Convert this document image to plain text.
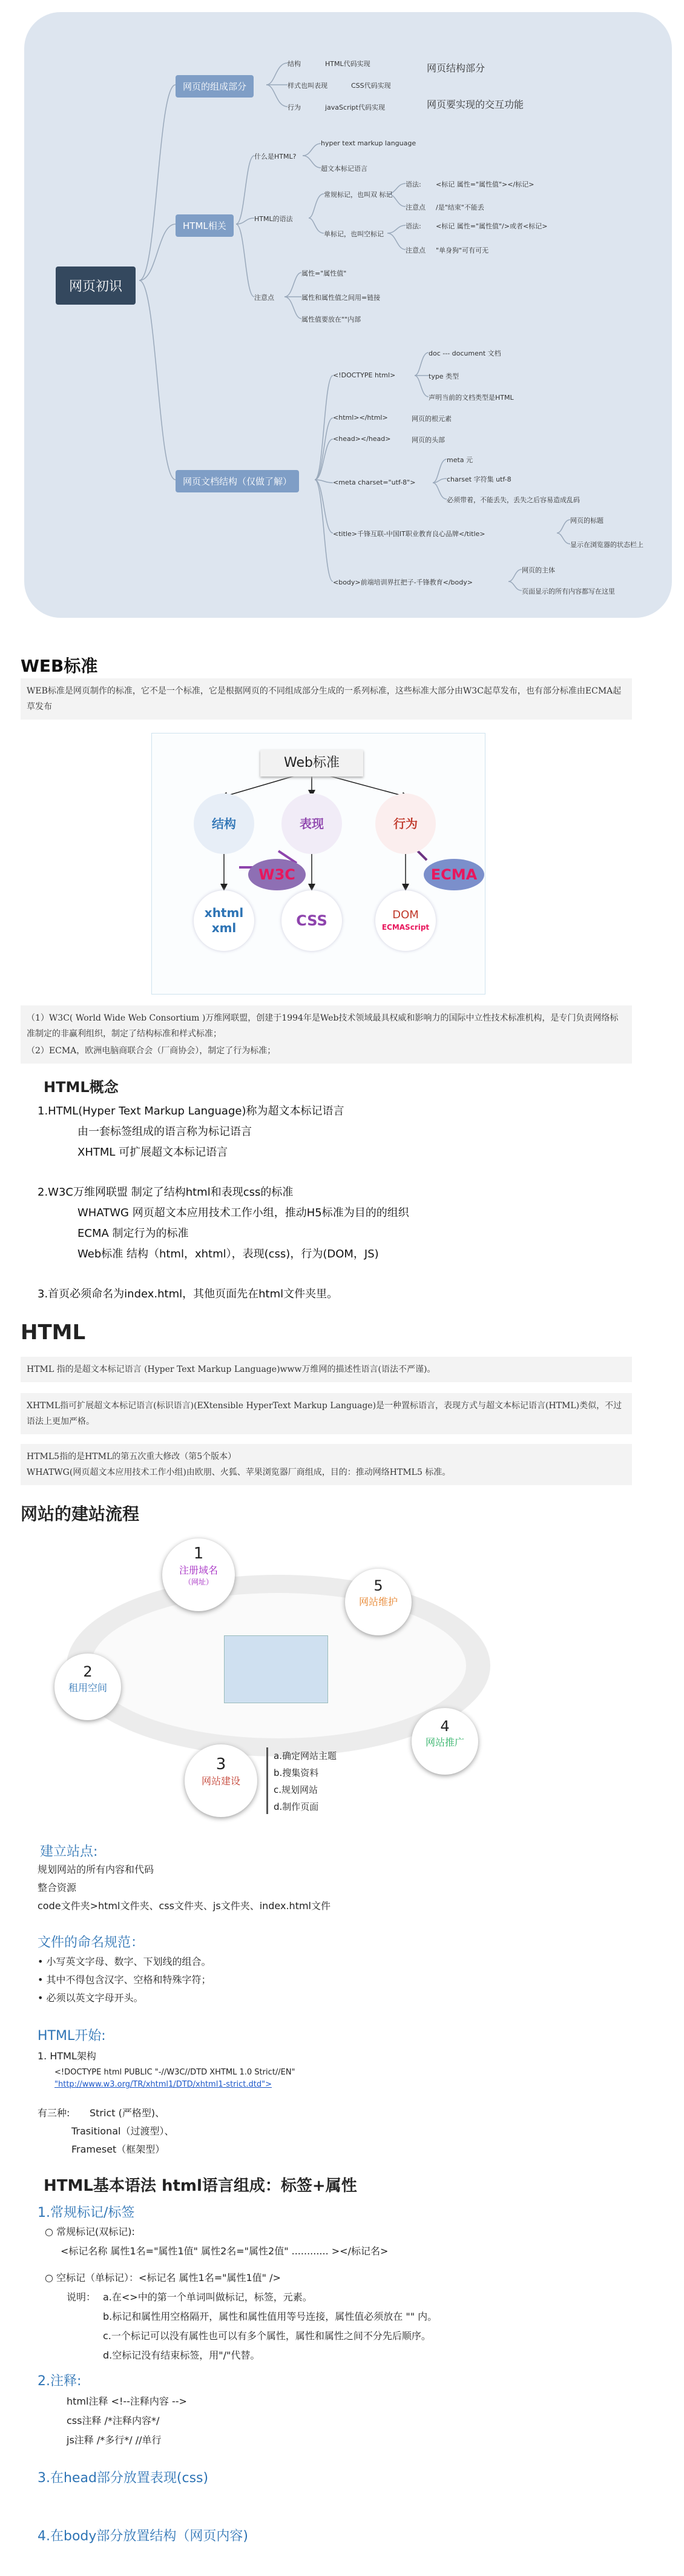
网页初识
网页的组成部分
结构	HTML代码实现
样式也叫表现	CSS代码实现
行为	javaScript代码实现
网页结构部分
网页要实现的交互功能
HTML相关
什么是HTML?
hyper text markup language
超文本标记语言
HTML的语法
常规标记，也叫双 标记
语法: <标记 属性="属性值"></标记>
注意点 /是"结束"不能丢
单标记，也叫空标记
语法: <标记 属性="属性值"/>或者<标记>
注意点 "单身狗"可有可无
注意点
属性="属性值"
属性和属性值之间用=链接
属性值要放在""内部
网页文档结构（仅做了解）
<!DOCTYPE html>
doc --- document 文档
type 类型
声明当前的文档类型是HTML
<html></html>	网页的根元素
<head></head>	网页的头部
<meta charset="utf-8">
meta 元
charset 字符集 utf-8
必须带着，不能丢失，丢失之后容易造成乱码
<title>千锋互联-中国IT职业教育良心品牌</title>
网页的标题
显示在浏览器的状态栏上
<body>前端培训界扛把子-千锋教育</body>
网页的主体
页面显示的所有内容都写在这里
WEB标准
WEB标准是网页制作的标准，它不是一个标准，它是根据网页的不同组成部分生成的一系列标准，这些标准大部分由W3C起草发布，也有部分标准由ECMA起草发布
Web标准
结构	表现	行为
W3C	ECMA
xhtml
xml	CSS	DOM
ECMAScript
（1）W3C( World Wide Web Consortium )万维网联盟，创建于1994年是Web技术领域最具权威和影响力的国际中立性技术标准机构，是专门负责网络标准制定的非赢利组织，制定了结构标准和样式标准；
（2）ECMA，欧洲电脑商联合会（厂商协会），制定了行为标准；
HTML概念
1.HTML(Hyper Text Markup Language)称为超文本标记语言
由一套标签组成的语言称为标记语言
XHTML 可扩展超文本标记语言
2.W3C万维网联盟 制定了结构html和表现css的标准
WHATWG 网页超文本应用技术工作小组，推动H5标准为目的的组织
ECMA 制定行为的标准
Web标准 结构（html，xhtml），表现(css)，行为(DOM，JS)
3.首页必须命名为index.html，其他页面先在html文件夹里。
HTML
HTML 指的是超文本标记语言 (Hyper Text Markup Language)www万维网的描述性语言(语法不严谨)。
XHTML指可扩展超文本标记语言(标识语言)(EXtensible HyperText Markup Language)是一种置标语言，表现方式与超文本标记语言(HTML)类似，不过语法上更加严格。
HTML5指的是HTML的第五次重大修改（第5个版本）
WHATWG(网页超文本应用技术工作小组)由欧朋、火狐、苹果浏览器厂商组成，目的：推动网络HTML5 标准。
网站的建站流程
1
注册域名
（网址）	5
网站维护
2
租用空间
4
网站推广
3
网站建设
a.确定网站主题
b.搜集资料
c.规划网站
d.制作页面
建立站点:
规划网站的所有内容和代码
整合资源
code文件夹>html文件夹、css文件夹、js文件夹、index.html文件
文件的命名规范：
• 小写英文字母、数字、下划线的组合。
• 其中不得包含汉字、空格和特殊字符；
• 必须以英文字母开头。
HTML开始:
1. HTML架构
<!DOCTYPE html PUBLIC "-//W3C//DTD XHTML 1.0 Strict//EN"
"http://www.w3.org/TR/xhtml1/DTD/xhtml1-strict.dtd">
有三种: Strict (严格型)、
Trasitional（过渡型）、
Frameset（框架型）
HTML基本语法 html语言组成：标签+属性
1.常规标记/标签
○ 常规标记(双标记):
<标记名称 属性1名="属性1值" 属性2名="属性2值" ............ ></标记名>
○ 空标记（单标记）：<标记名 属性1名="属性1值" />
说明： a.在<>中的第一个单词叫做标记，标签，元素。
b.标记和属性用空格隔开，属性和属性值用等号连接，属性值必须放在 "" 内。
c.一个标记可以没有属性也可以有多个属性，属性和属性之间不分先后顺序。
d.空标记没有结束标签，用"/"代替。
2.注释:
html注释 <!--注释内容 -->
css注释 /*注释内容*/
js注释 /*多行*/ //单行
3.在head部分放置表现(css)
4.在body部分放置结构（网页内容)
